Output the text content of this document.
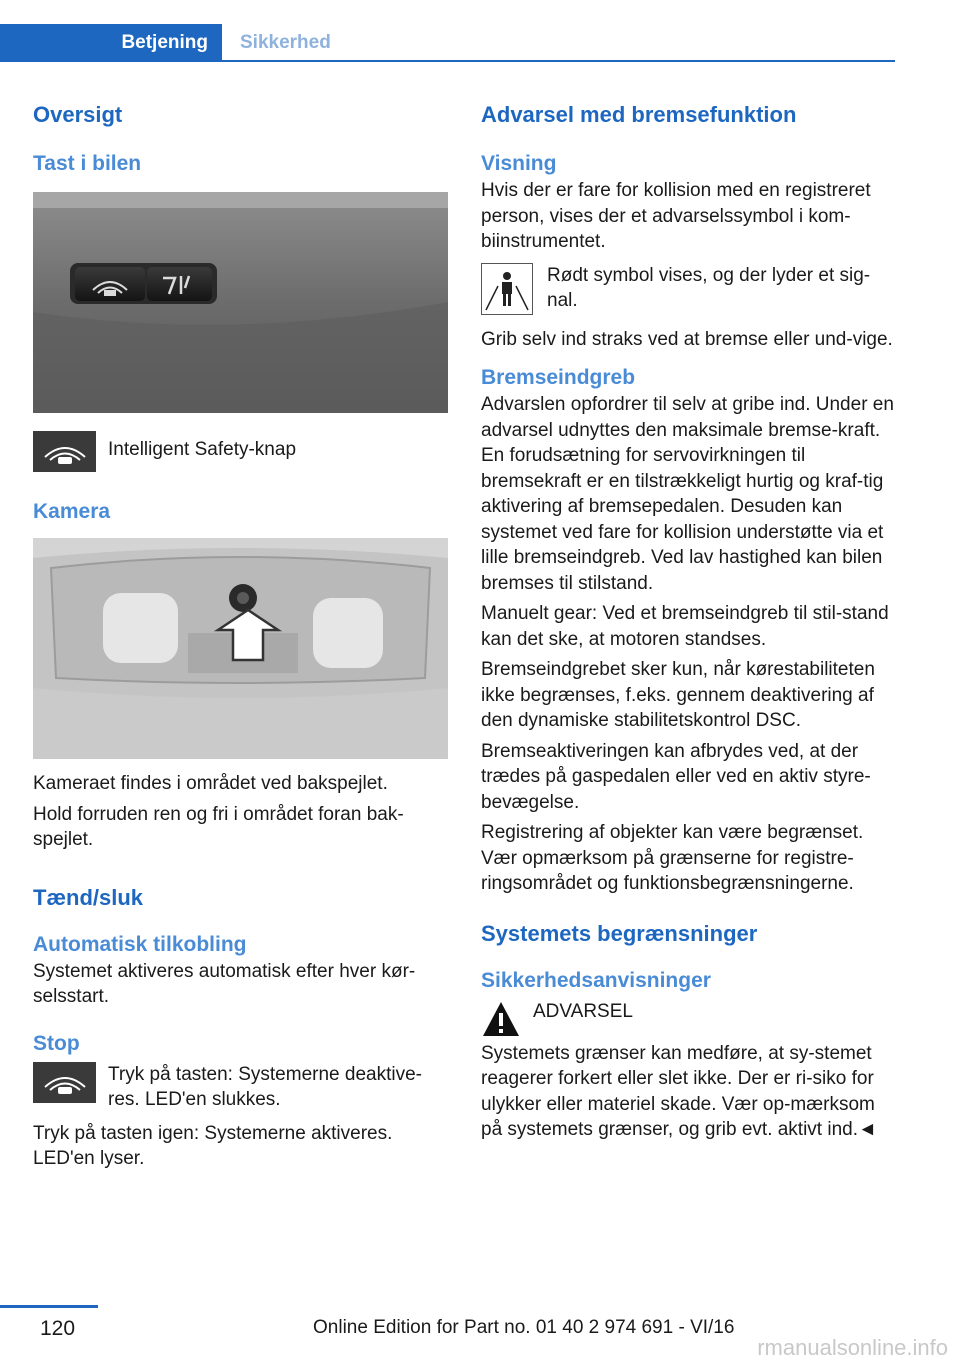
Betjening	Sikkerhed
Oversigt
Tast i bilen

Intelligent Safety-knap

Kamera

Kameraet findes i området ved bakspejlet.

Hold forruden ren og fri i området foran bak‐spejlet.

Tænd/sluk
Automatisk tilkobling

Systemet aktiveres automatisk efter hver kør‐selsstart.

Stop

Tryk på tasten: Systemerne deaktive‐res. LED'en slukkes.

Tryk på tasten igen: Systemerne aktiveres. LED'en lyser.

Advarsel med bremsefunktion
Visning

Hvis der er fare for kollision med en registreret person, vises der et advarselssymbol i kom‐biinstrumentet.

Rødt symbol vises, og der lyder et sig‐nal.

Grib selv ind straks ved at bremse eller und‐vige.

Bremseindgreb

Advarslen opfordrer til selv at gribe ind. Under en advarsel udnyttes den maksimale bremse‐kraft. En forudsætning for servovirkningen til bremsekraft er en tilstrækkeligt hurtig og kraf‐tig aktivering af bremsepedalen. Desuden kan systemet ved fare for kollision understøtte via et lille bremseindgreb. Ved lav hastighed kan bilen bremses til stilstand.

Manuelt gear: Ved et bremseindgreb til stil‐stand kan det ske, at motoren standses.

Bremseindgrebet sker kun, når kørestabiliteten ikke begrænses, f.eks. gennem deaktivering af den dynamiske stabilitetskontrol DSC.

Bremseaktiveringen kan afbrydes ved, at der trædes på gaspedalen eller ved en aktiv styre‐bevægelse.

Registrering af objekter kan være begrænset. Vær opmærksom på grænserne for registre‐ringsområdet og funktionsbegrænsningerne.

Systemets begrænsninger
Sikkerhedsanvisninger

ADVARSEL

Systemets grænser kan medføre, at sy‐stemet reagerer forkert eller slet ikke. Der er ri‐siko for ulykker eller materiel skade. Vær op‐mærksom på systemets grænser, og grib evt. aktivt ind.◄

120	Online Edition for Part no. 01 40 2 974 691 - VI/16
rmanualsonline.info
